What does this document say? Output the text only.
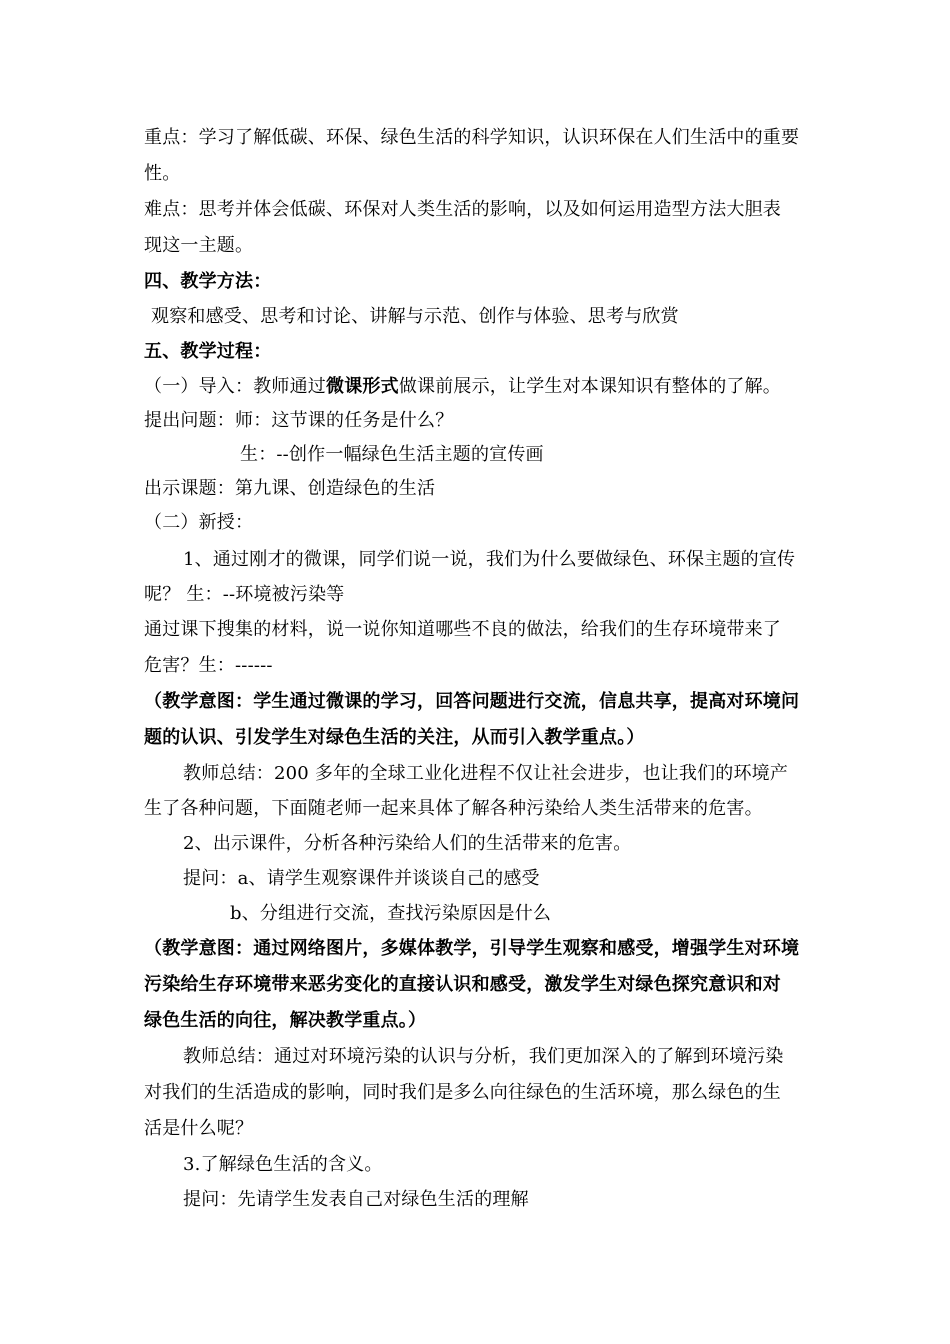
重点：学习了解低碳、环保、绿色生活的科学知识，认识环保在人们生活中的重要
性。
难点：思考并体会低碳、环保对人类生活的影响，以及如何运用造型方法大胆表
现这一主题。
四、教学方法：
观察和感受、思考和讨论、讲解与示范、创作与体验、思考与欣赏
五、教学过程：
（一）导入：教师通过微课形式做课前展示，让学生对本课知识有整体的了解。
提出问题：师：这节课的任务是什么？
生：--创作一幅绿色生活主题的宣传画
出示课题：第九课、创造绿色的生活
（二）新授：
1、通过刚才的微课，同学们说一说，我们为什么要做绿色、环保主题的宣传
呢？ 生：--环境被污染等
通过课下搜集的材料，说一说你知道哪些不良的做法，给我们的生存环境带来了
危害？生：------
（教学意图：学生通过微课的学习，回答问题进行交流，信息共享，提高对环境问
题的认识、引发学生对绿色生活的关注，从而引入教学重点。）
教师总结：200 多年的全球工业化进程不仅让社会进步，也让我们的环境产
生了各种问题，下面随老师一起来具体了解各种污染给人类生活带来的危害。
2、出示课件，分析各种污染给人们的生活带来的危害。
提问：a、请学生观察课件并谈谈自己的感受
b、分组进行交流，查找污染原因是什么
（教学意图：通过网络图片，多媒体教学，引导学生观察和感受，增强学生对环境
污染给生存环境带来恶劣变化的直接认识和感受，激发学生对绿色探究意识和对
绿色生活的向往，解决教学重点。）
教师总结：通过对环境污染的认识与分析，我们更加深入的了解到环境污染
对我们的生活造成的影响，同时我们是多么向往绿色的生活环境，那么绿色的生
活是什么呢？
3.了解绿色生活的含义。
提问：先请学生发表自己对绿色生活的理解
